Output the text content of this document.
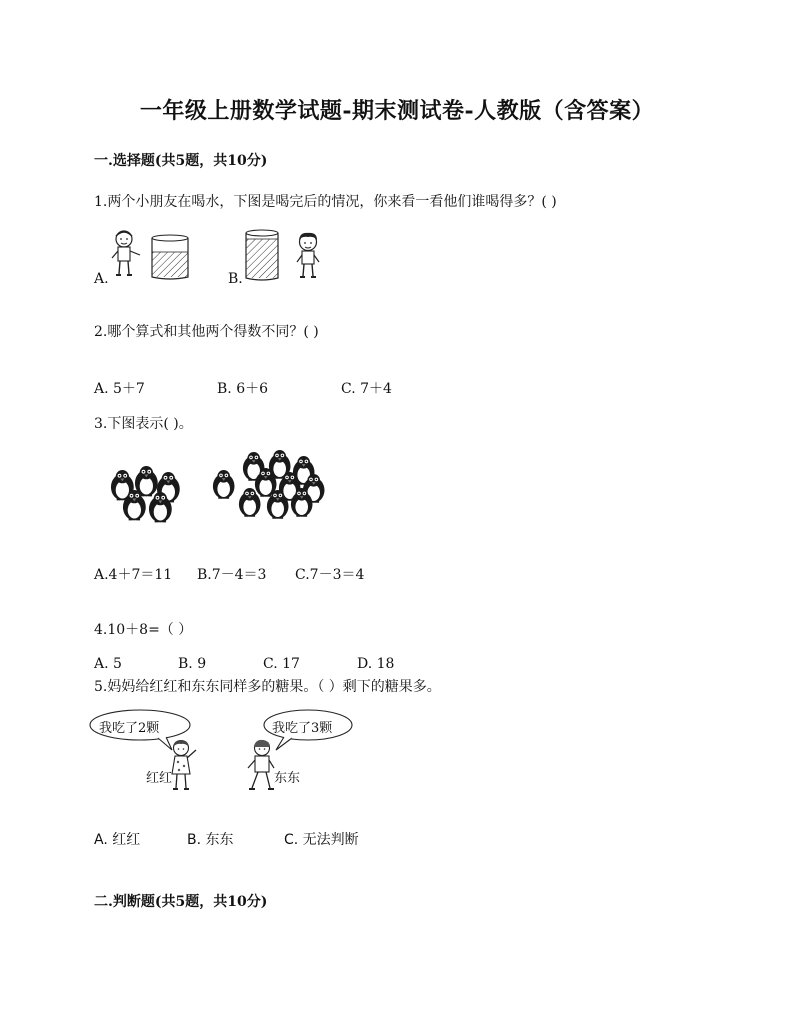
一年级上册数学试题-期末测试卷-人教版（含答案）
一.选择题(共5题，共10分)
1.两个小朋友在喝水，下图是喝完后的情况，你来看一看他们谁喝得多？( )
A.	B.
2.哪个算式和其他两个得数不同？( )
A. 5＋7	B. 6＋6	C. 7＋4
3.下图表示( )。
A.4＋7＝11 B.7－4＝3 C.7－3＝4
4.10＋8=（ ）
A. 5	B. 9	C. 17	D. 18
5.妈妈给红红和东东同样多的糖果。（ ）剩下的糖果多。
我吃了2颗	我吃了3颗
红红	东东
A. 红红	B. 东东	C. 无法判断
二.判断题(共5题，共10分)
